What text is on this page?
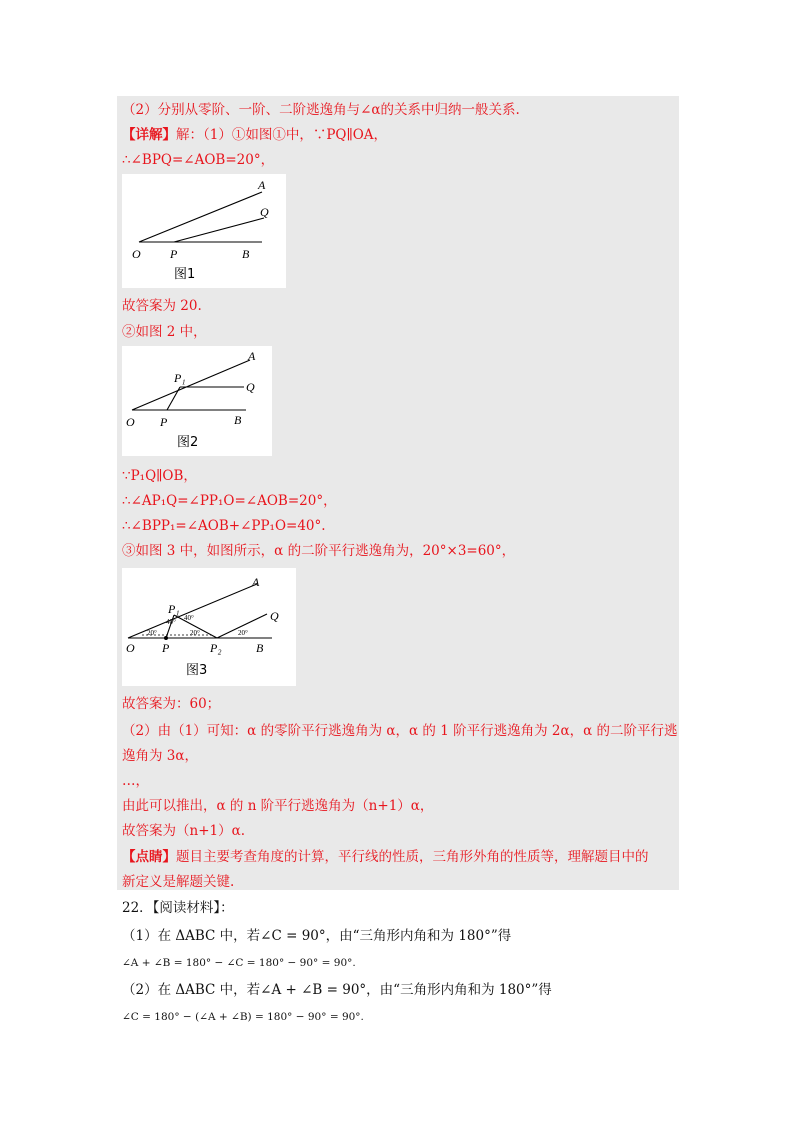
（2）分别从零阶、一阶、二阶逃逸角与∠α的关系中归纳一般关系.
【详解】解：（1）①如图①中，∵PQ∥OA，
∴∠BPQ=∠AOB=20°，
A
Q
O P	B
图1
故答案为 20.
②如图 2 中，
A
P₁
Q
O P	B
图2
∵P₁Q∥OB，
∴∠AP₁Q=∠PP₁O=∠AOB=20°，
∴∠BPP₁=∠AOB+∠PP₁O=40°.
③如图 3 中，如图所示，α 的二阶平行逃逸角为，20°×3=60°，
40°
20°
40°
20°	20°
A
P₁	Q
O P	P₂	B
图3
故答案为：60；
（2）由（1）可知：α 的零阶平行逃逸角为 α，α 的 1 阶平行逃逸角为 2α，α 的二阶平行逃
逸角为 3α，
…，
由此可以推出，α 的 n 阶平行逃逸角为（n+1）α，
故答案为（n+1）α.
【点睛】题目主要考查角度的计算，平行线的性质，三角形外角的性质等，理解题目中的
新定义是解题关键.
22．【阅读材料】：
（1）在 ΔABC 中，若∠C = 90°，由“三角形内角和为 180°”得
∠A + ∠B = 180° − ∠C = 180° − 90° = 90°.
（2）在 ΔABC 中，若∠A + ∠B = 90°，由“三角形内角和为 180°”得
∠C = 180° − (∠A + ∠B) = 180° − 90° = 90°.
